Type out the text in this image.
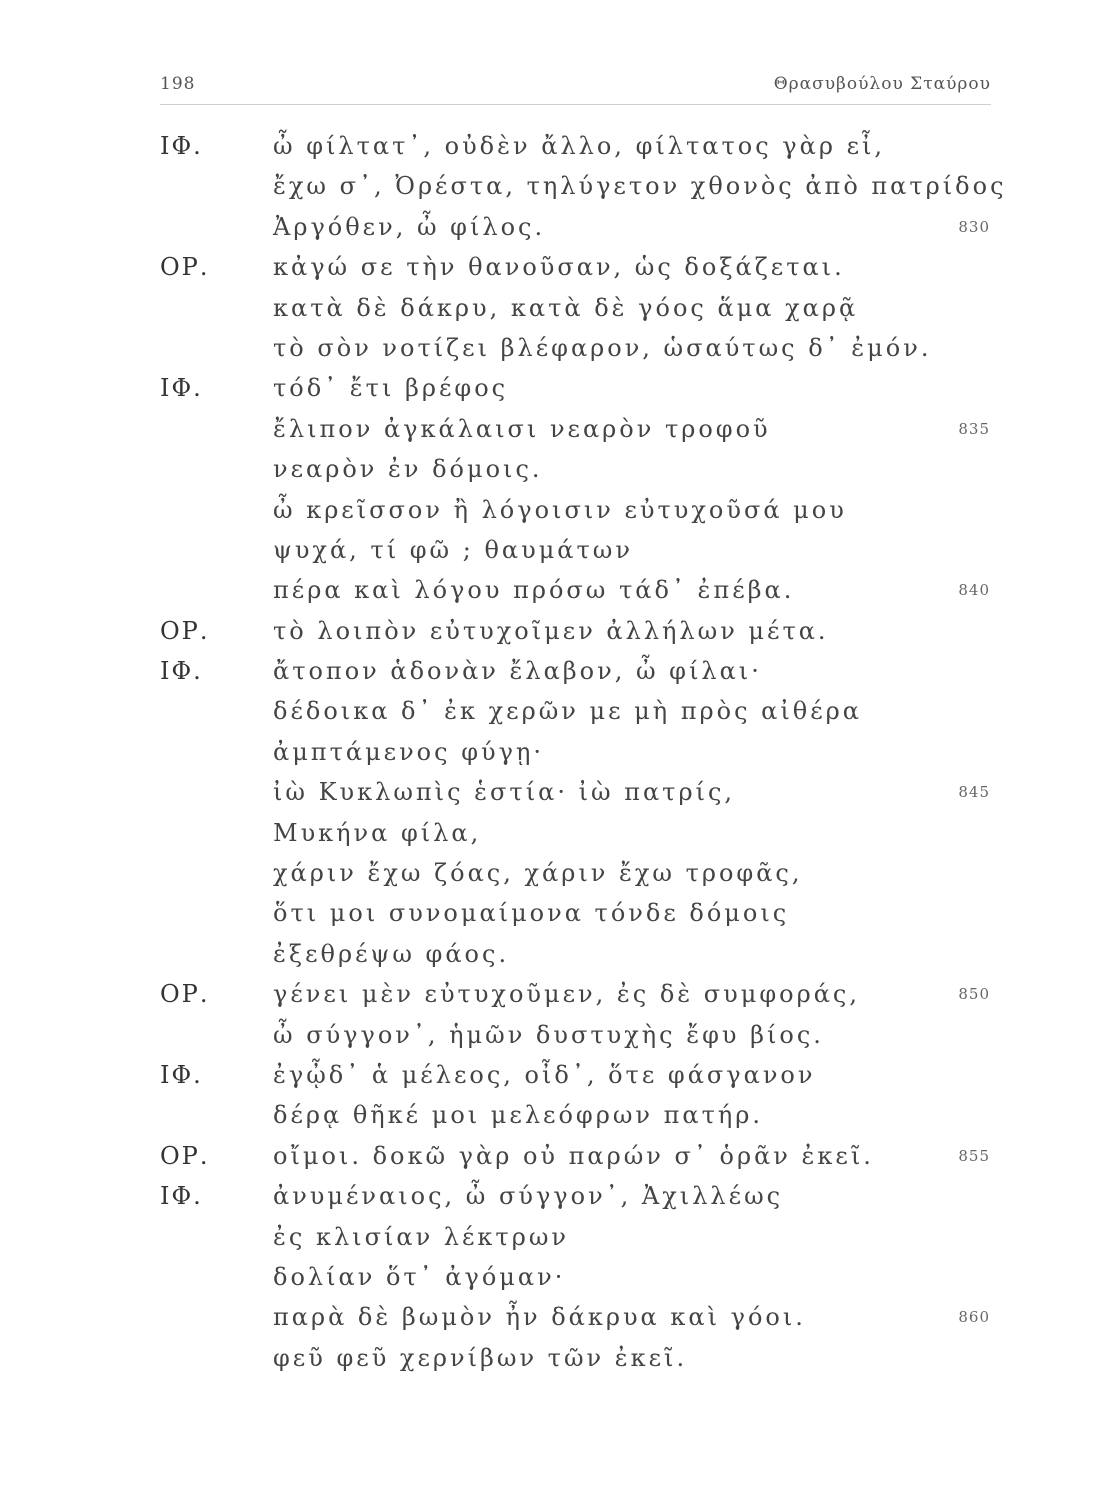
198	Θρασυβούλου Σταύρου
ΙΦ.	ὦ φίλτατ᾽, οὐδὲν ἄλλο, φίλτατος γὰρ εἶ,
ἔχω σ᾽, Ὀρέστα, τηλύγετον χθονὸς ἀπὸ πατρίδος
Ἀργόθεν, ὦ φίλος.	830
ΟΡ.	κἀγώ σε τὴν θανοῦσαν, ὡς δοξάζεται.
κατὰ δὲ δάκρυ, κατὰ δὲ γόος ἅμα χαρᾷ
τὸ σὸν νοτίζει βλέφαρον, ὡσαύτως δ᾽ ἐμόν.
ΙΦ.	τόδ᾽ ἔτι βρέφος
ἔλιπον ἀγκάλαισι νεαρὸν τροφοῦ	835
νεαρὸν ἐν δόμοις.
ὦ κρεῖσσον ἢ λόγοισιν εὐτυχοῦσά μου
ψυχά, τί φῶ ; θαυμάτων
πέρα καὶ λόγου πρόσω τάδ᾽ ἐπέβα.	840
ΟΡ.	τὸ λοιπὸν εὐτυχοῖμεν ἀλλήλων μέτα.
ΙΦ.	ἄτοπον ἁδονὰν ἔλαβον, ὦ φίλαι·
δέδοικα δ᾽ ἐκ χερῶν με μὴ πρὸς αἰθέρα
ἀμπτάμενος φύγῃ·
ἰὼ Κυκλωπὶς ἑστία· ἰὼ πατρίς,	845
Μυκήνα φίλα,
χάριν ἔχω ζόας, χάριν ἔχω τροφᾶς,
ὅτι μοι συνομαίμονα τόνδε δόμοις
ἐξεθρέψω φάος.
ΟΡ.	γένει μὲν εὐτυχοῦμεν, ἐς δὲ συμφοράς,	850
ὦ σύγγον᾽, ἡμῶν δυστυχὴς ἔφυ βίος.
ΙΦ.	ἐγᾦδ᾽ ἁ μέλεος, οἶδ᾽, ὅτε φάσγανον
δέρᾳ θῆκέ μοι μελεόφρων πατήρ.
ΟΡ.	οἴμοι. δοκῶ γὰρ οὐ παρών σ᾽ ὁρᾶν ἐκεῖ.	855
ΙΦ.	ἀνυμέναιος, ὦ σύγγον᾽, Ἀχιλλέως
ἐς κλισίαν λέκτρων
δολίαν ὅτ᾽ ἀγόμαν·
παρὰ δὲ βωμὸν ἦν δάκρυα καὶ γόοι.	860
φεῦ φεῦ χερνίβων τῶν ἐκεῖ.
